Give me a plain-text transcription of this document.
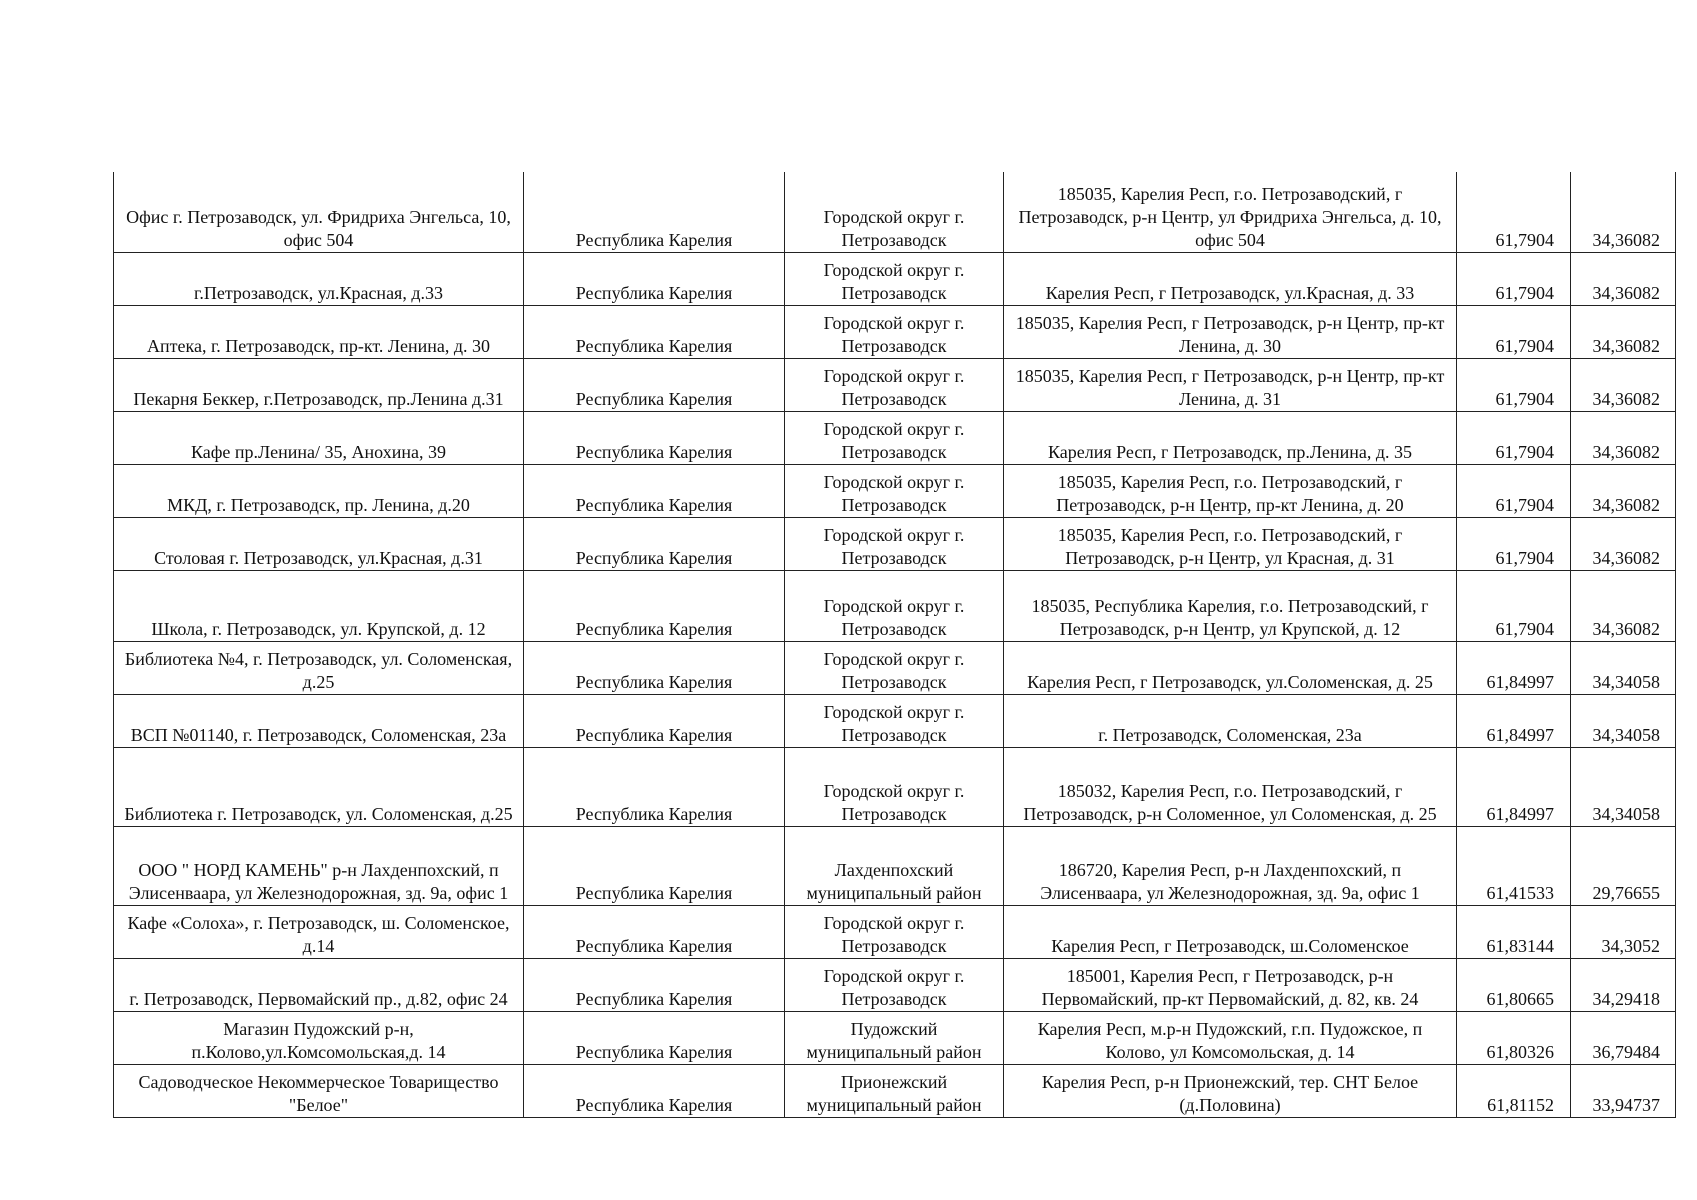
Офис г. Петрозаводск, ул. Фридриха Энгельса, 10, офис 504	Республика Карелия	Городской округ г. Петрозаводск	185035, Карелия Респ, г.о. Петрозаводский, г Петрозаводск, р-н Центр, ул Фридриха Энгельса, д. 10, офис 504	61,7904	34,36082
г.Петрозаводск, ул.Красная, д.33	Республика Карелия	Городской округ г. Петрозаводск	Карелия Респ, г Петрозаводск, ул.Красная, д. 33	61,7904	34,36082
Аптека, г. Петрозаводск, пр-кт. Ленина, д. 30	Республика Карелия	Городской округ г. Петрозаводск	185035, Карелия Респ, г Петрозаводск, р-н Центр, пр-кт Ленина, д. 30	61,7904	34,36082
Пекарня Беккер, г.Петрозаводск, пр.Ленина д.31	Республика Карелия	Городской округ г. Петрозаводск	185035, Карелия Респ, г Петрозаводск, р-н Центр, пр-кт Ленина, д. 31	61,7904	34,36082
Кафе пр.Ленина/ 35, Анохина, 39	Республика Карелия	Городской округ г. Петрозаводск	Карелия Респ, г Петрозаводск, пр.Ленина, д. 35	61,7904	34,36082
МКД, г. Петрозаводск, пр. Ленина, д.20	Республика Карелия	Городской округ г. Петрозаводск	185035, Карелия Респ, г.о. Петрозаводский, г Петрозаводск, р-н Центр, пр-кт Ленина, д. 20	61,7904	34,36082
Столовая г. Петрозаводск, ул.Красная, д.31	Республика Карелия	Городской округ г. Петрозаводск	185035, Карелия Респ, г.о. Петрозаводский, г Петрозаводск, р-н Центр, ул Красная, д. 31	61,7904	34,36082
Школа, г. Петрозаводск, ул. Крупской, д. 12	Республика Карелия	Городской округ г. Петрозаводск	185035, Республика Карелия, г.о. Петрозаводский, г Петрозаводск, р-н Центр, ул Крупской, д. 12	61,7904	34,36082
Библиотека №4, г. Петрозаводск, ул. Соломенская, д.25	Республика Карелия	Городской округ г. Петрозаводск	Карелия Респ, г Петрозаводск, ул.Соломенская, д. 25	61,84997	34,34058
ВСП №01140, г. Петрозаводск, Соломенская, 23а	Республика Карелия	Городской округ г. Петрозаводск	г. Петрозаводск, Соломенская, 23а	61,84997	34,34058
Библиотека г. Петрозаводск, ул. Соломенская, д.25	Республика Карелия	Городской округ г. Петрозаводск	185032, Карелия Респ, г.о. Петрозаводский, г Петрозаводск, р-н Соломенное, ул Соломенская, д. 25	61,84997	34,34058
ООО " НОРД КАМЕНЬ" р-н Лахденпохский, п Элисенваара, ул Железнодорожная, зд. 9а, офис 1	Республика Карелия	Лахденпохский муниципальный район	186720, Карелия Респ, р-н Лахденпохский, п Элисенваара, ул Железнодорожная, зд. 9а, офис 1	61,41533	29,76655
Кафе «Солоха», г. Петрозаводск, ш. Соломенское, д.14	Республика Карелия	Городской округ г. Петрозаводск	Карелия Респ, г Петрозаводск, ш.Соломенское	61,83144	34,3052
г. Петрозаводск, Первомайский пр., д.82, офис 24	Республика Карелия	Городской округ г. Петрозаводск	185001, Карелия Респ, г Петрозаводск, р-н Первомайский, пр-кт Первомайский, д. 82, кв. 24	61,80665	34,29418
Магазин Пудожский р-н, п.Колово,ул.Комсомольская,д. 14	Республика Карелия	Пудожский муниципальный район	Карелия Респ, м.р-н Пудожский, г.п. Пудожское, п Колово, ул Комсомольская, д. 14	61,80326	36,79484
Садоводческое Некоммерческое Товарищество "Белое"	Республика Карелия	Прионежский муниципальный район	Карелия Респ, р-н Прионежский, тер. СНТ Белое (д.Половина)	61,81152	33,94737
